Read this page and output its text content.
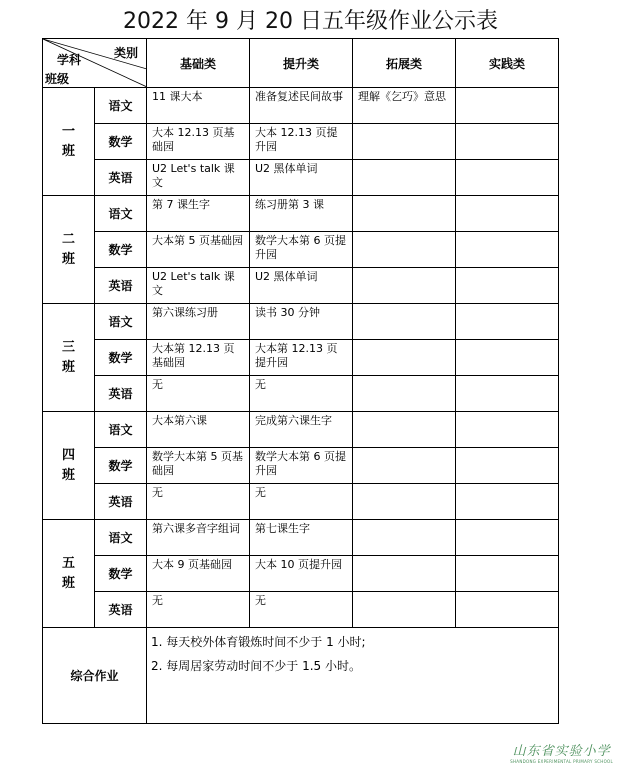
2022 年 9 月 20 日五年级作业公示表
类别
学科
班级		基础类	提升类	拓展类	实践类

一
班	语文	11 课大本	准备复述民间故事	理解《乞巧》意思	
	数学	大本 12.13 页基础园	大本 12.13 页提升园		
	英语	U2 Let's talk 课文	U2 黑体单词		

二
班	语文	第 7 课生字	练习册第 3 课		
	数学	大本第 5 页基础园	数学大本第 6 页提升园		
	英语	U2 Let's talk 课文	U2 黑体单词		

三
班	语文	第六课练习册	读书 30 分钟		
	数学	大本第 12.13 页基础园	大本第 12.13 页提升园		
	英语	无	无		

四
班	语文	大本第六课	完成第六课生字		
	数学	数学大本第 5 页基础园	数学大本第 6 页提升园		
	英语	无	无		

五
班	语文	第六课多音字组词	第七课生字		
	数学	大本 9 页基础园	大本 10 页提升园		
	英语	无	无		
综合作业		1. 每天校外体育锻炼时间不少于 1 小时;

2. 每周居家劳动时间不少于 1.5 小时。			

山东省实验小学
SHANDONG EXPERIMENTAL PRIMARY SCHOOL
